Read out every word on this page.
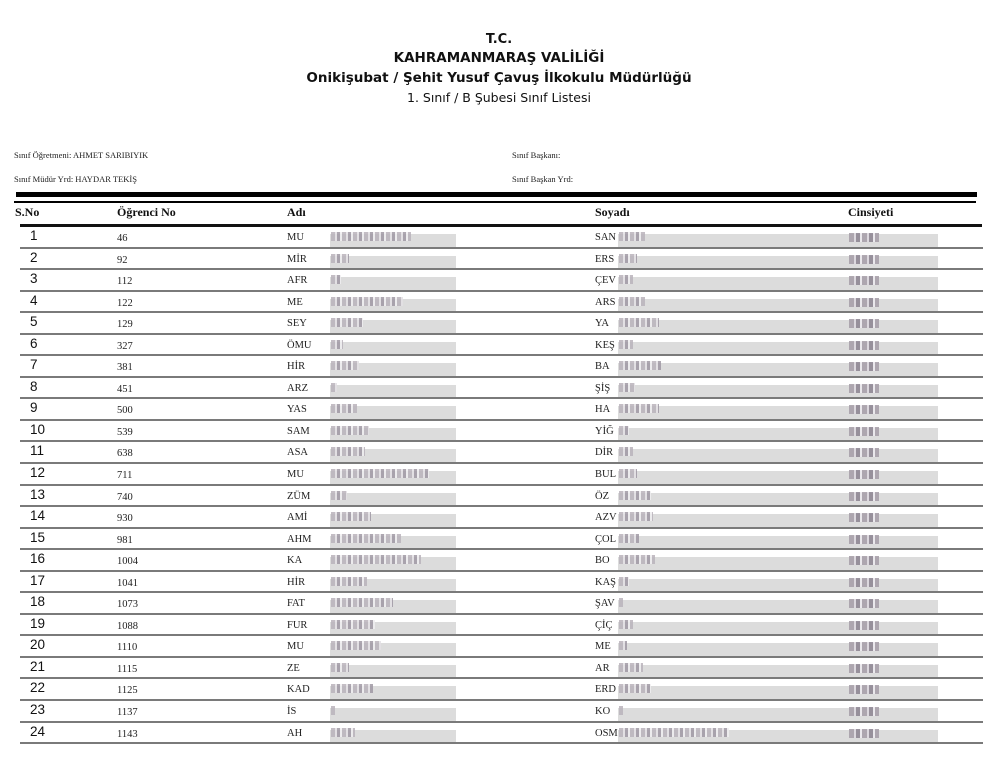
T.C.
KAHRAMANMARAŞ VALİLİĞİ
Onikişubat / Şehit Yusuf Çavuş İlkokulu Müdürlüğü
1. Sınıf / B Şubesi Sınıf Listesi
Sınıf Öğretmeni: AHMET SARIBIYIK
Sınıf Müdür Yrd: HAYDAR TEKİŞ
Sınıf Başkanı:
Sınıf Başkan Yrd:
S.No	Öğrenci No	Adı	Soyadı	Cinsiyeti
1	46	MU	SAN
2	92	MİR	ERS
3	112	AFR	ÇEV
4	122	ME	ARS
5	129	SEY	YA
6	327	ÖMU	KEŞ
7	381	HİR	BA
8	451	ARZ	ŞİŞ
9	500	YAS	HA
10	539	SAM	YİĞ
11	638	ASA	DİR
12	711	MU	BUL
13	740	ZÜM	ÖZ
14	930	AMİ	AZV
15	981	AHM	ÇOL
16	1004	KA	BO
17	1041	HİR	KAŞ
18	1073	FAT	ŞAV
19	1088	FUR	ÇİÇ
20	1110	MU	ME
21	1115	ZE	AR
22	1125	KAD	ERD
23	1137	İS	KO
24	1143	AH	OSM
